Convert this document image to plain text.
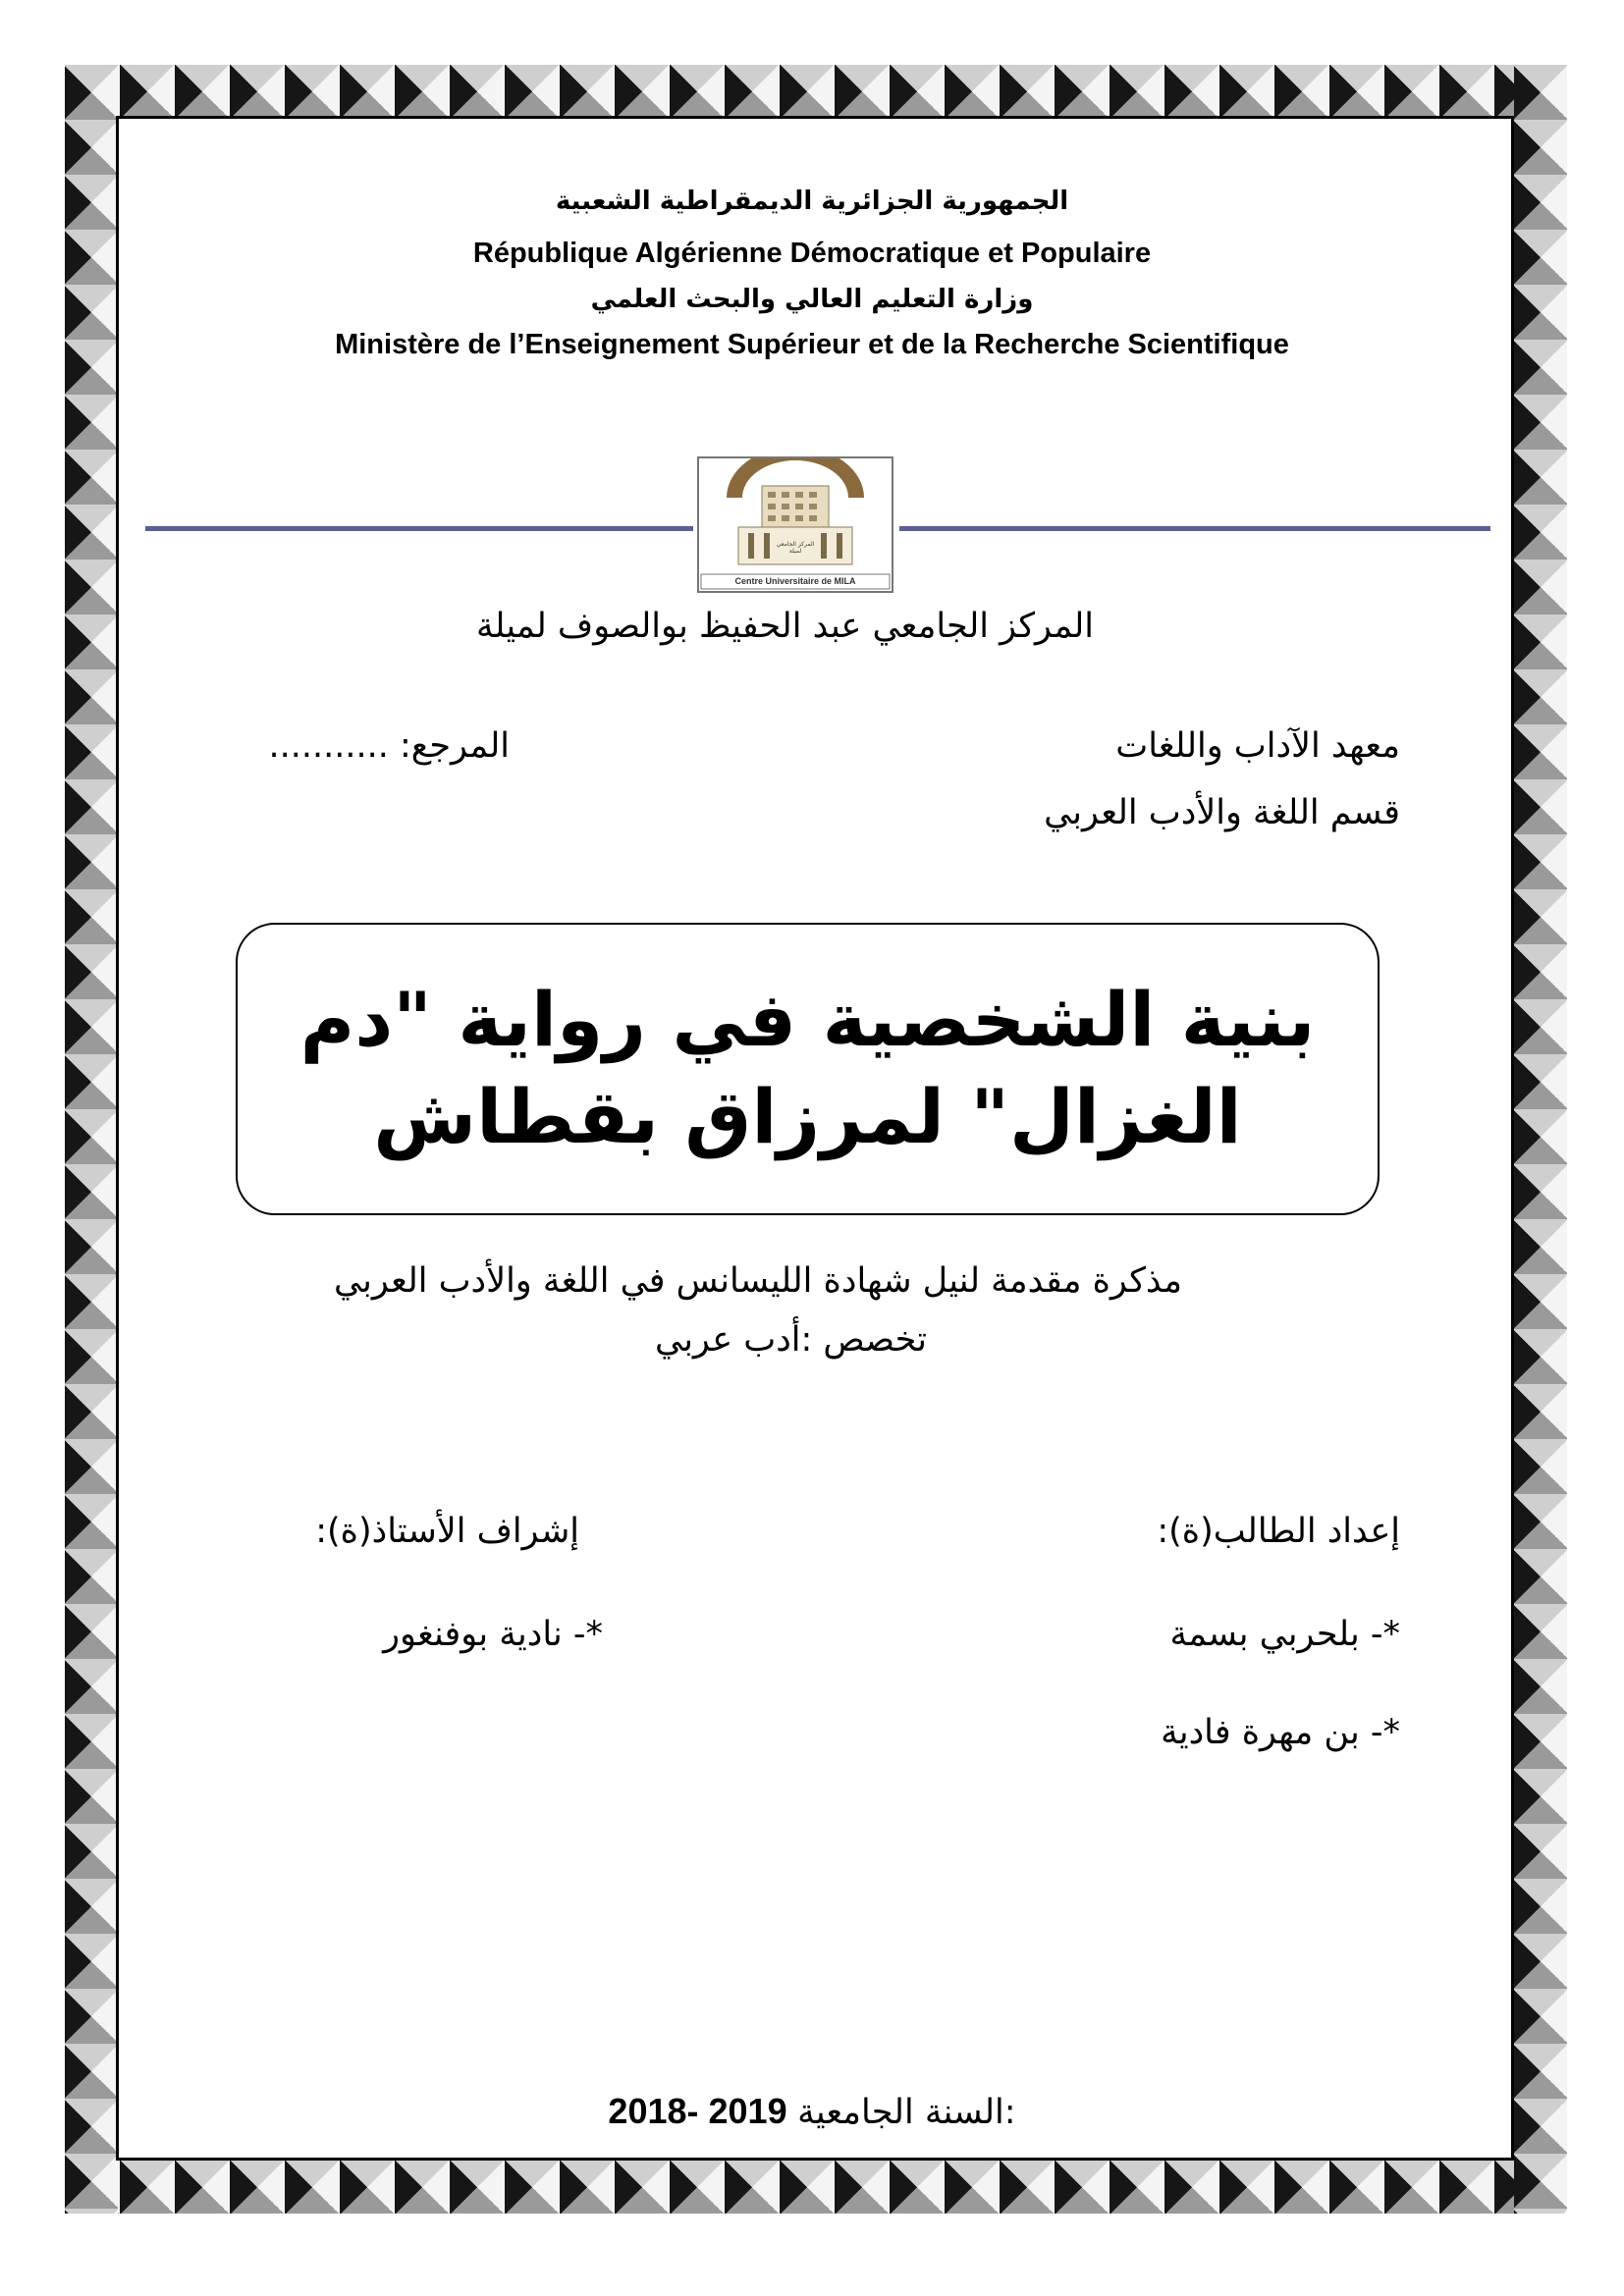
الجمهورية الجزائرية الديمقراطية الشعبية
République Algérienne Démocratique et Populaire
وزارة التعليم العالي والبحث العلمي
Ministère de l’Enseignement Supérieur et de la Recherche Scientifique
المركز الجامعي لميلة
Centre Universitaire de MILA
المركز الجامعي عبد الحفيظ بوالصوف لميلة
معهد الآداب واللغات
المرجع: ...........
قسم اللغة والأدب العربي
بنية الشخصية في رواية "دم
الغزال" لمرزاق بقطاش
مذكرة مقدمة لنيل شهادة الليسانس في اللغة والأدب العربي
تخصص :أدب عربي
إعداد الطالب(ة):
إشراف الأستاذ(ة):
*- بلحربي بسمة
*- نادية بوفنغور
*- بن مهرة فادية
2018- 2019 السنة الجامعية:
